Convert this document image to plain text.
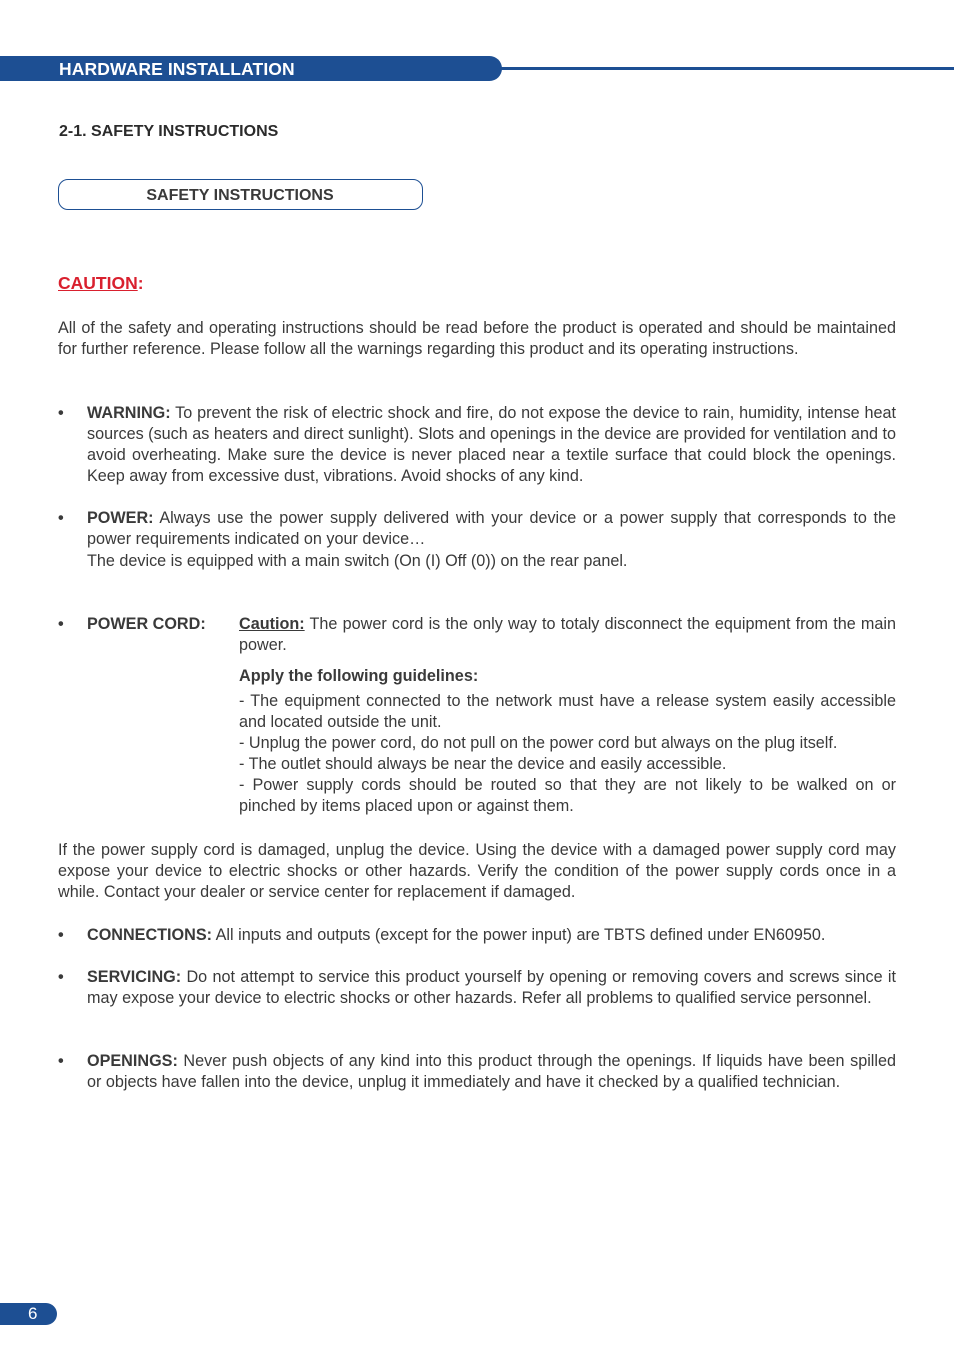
HARDWARE INSTALLATION
2-1. SAFETY INSTRUCTIONS
SAFETY INSTRUCTIONS
CAUTION:

All of the safety and operating instructions should be read before the product is operated and should be maintained for further reference. Please follow all the warnings regarding this product and its operating instructions.

• WARNING: To prevent the risk of electric shock and fire, do not expose the device to rain, humidity, intense heat sources (such as heaters and direct sunlight). Slots and openings in the device are provided for ventilation and to avoid overheating. Make sure the device is never placed near a textile surface that could block the openings. Keep away from excessive dust, vibrations. Avoid shocks of any kind.

• POWER: Always use the power supply delivered with your device or a power supply that corresponds to the power requirements indicated on your device…

The device is equipped with a main switch (On (I) Off (0)) on the rear panel.

• POWER CORD: Caution: The power cord is the only way to totaly disconnect the equipment from the main power.

Apply the following guidelines:

- The equipment connected to the network must have a release system easily accessible and located outside the unit.

- Unplug the power cord, do not pull on the power cord but always on the plug itself.

- The outlet should always be near the device and easily accessible.

- Power supply cords should be routed so that they are not likely to be walked on or pinched by items placed upon or against them.

If the power supply cord is damaged, unplug the device. Using the device with a damaged power supply cord may expose your device to electric shocks or other hazards. Verify the condition of the power supply cords once in a while. Contact your dealer or service center for replacement if damaged.

• CONNECTIONS: All inputs and outputs (except for the power input) are TBTS defined under EN60950.

• SERVICING: Do not attempt to service this product yourself by opening or removing covers and screws since it may expose your device to electric shocks or other hazards. Refer all problems to qualified service personnel.

• OPENINGS: Never push objects of any kind into this product through the openings. If liquids have been spilled or objects have fallen into the device, unplug it immediately and have it checked by a qualified technician.

6
